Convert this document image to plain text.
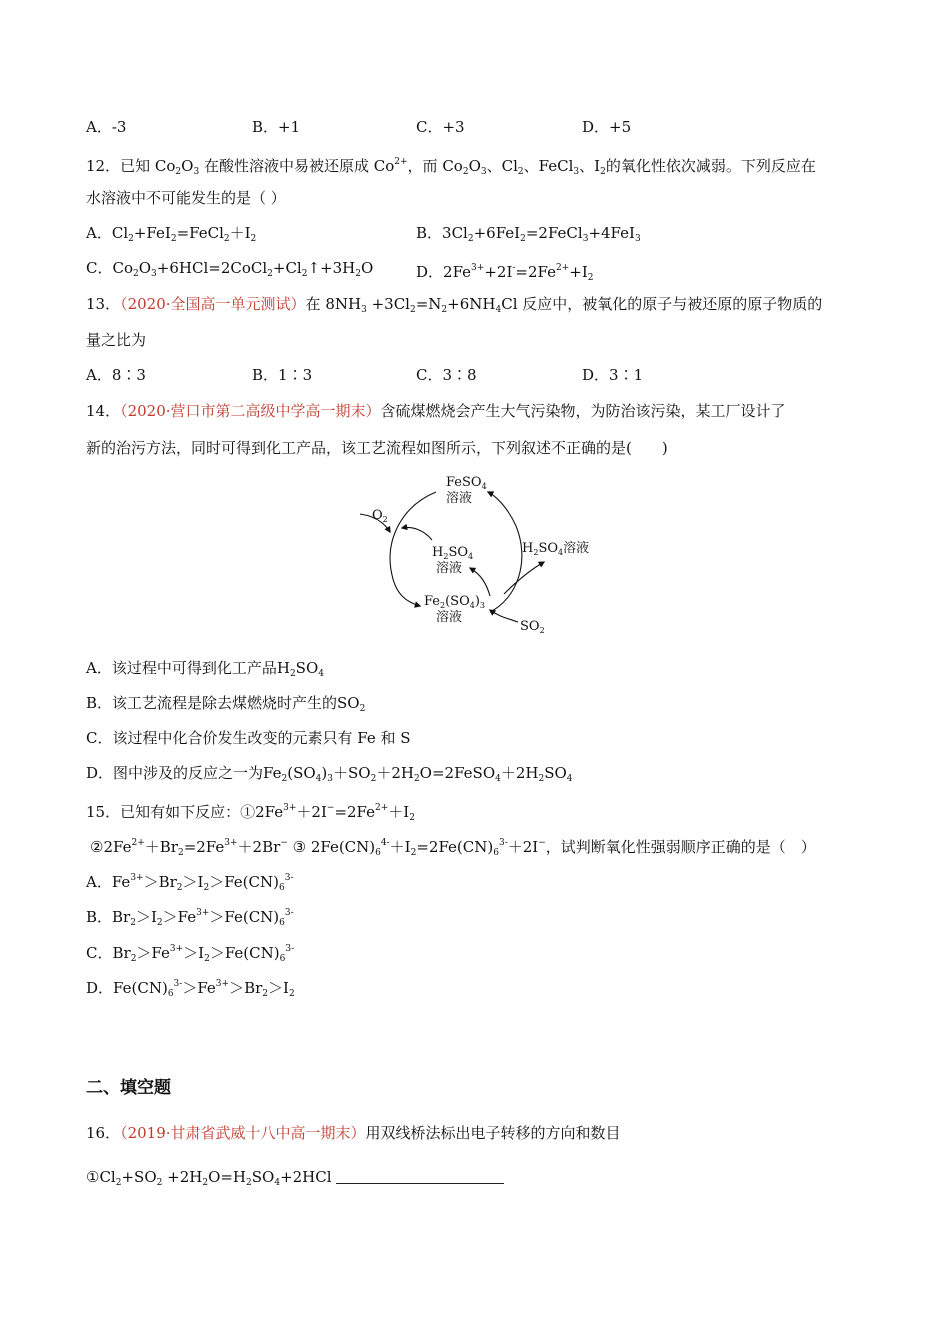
A．-3	B．+1	C．+3	D．+5
12．已知 $Co_2O_3$ 在酸性溶液中易被还原成 $Co^{2+}$，而 $Co_2O_3$、$Cl_2$、FeCl$_3$、$I_2$的氧化性依次减弱。下列反应在
水溶液中不可能发生的是（ ）
A．$Cl_2+FeI_2=FeCl_2+I_2$	B．$3Cl_2+6FeI_2=2FeCl_3+4FeI_3$
C．$Co_2O_3+6HCl=2CoCl_2+Cl_2↑+3H_2O$	D．$2Fe^{3+}+2I^-=2Fe^{2+}+I_2$
13．（2020·全国高一单元测试）在 $8NH_3 +3Cl_2=N_2+6NH_4Cl$ 反应中，被氧化的原子与被还原的原子物质的
量之比为
A．8∶3	B．1∶3	C．3∶8	D．3∶1
14．（2020·营口市第二高级中学高一期末）含硫煤燃烧会产生大气污染物，为防治该污染，某工厂设计了
新的治污方法，同时可得到化工产品，该工艺流程如图所示，下列叙述不正确的是(　　)
FeSO$_4$
溶液
$O_2$
$H_2SO_4$
溶液
$H_2SO_4$溶液
$Fe_2(SO_4)_3$
溶液
$SO_2$
A．该过程中可得到化工产品$H_2SO_4$
B．该工艺流程是除去煤燃烧时产生的$SO_2$
C．该过程中化合价发生改变的元素只有 Fe 和 S
D．图中涉及的反应之一为$Fe_2(SO_4)_3+SO_2+2H_2O=2FeSO_4+2H_2SO_4$
15．已知有如下反应：$①2Fe^{3+}+2I^-=2Fe^{2+}+I_2$
$②2Fe^{2+}+Br_2=2Fe^{3+}+2Br^-$ ③ $2Fe(CN)_6^{4-}+I_2=2Fe(CN)_6^{3-}+2I^-$，试判断氧化性强弱顺序正确的是（　）
A．$Fe^{3+}>Br_2>I_2>Fe(CN)_6^{3-}$
B．$Br_2>I_2>Fe^{3+}>Fe(CN)_6^{3-}$
C．$Br_2>Fe^{3+}>I_2>Fe(CN)_6^{3-}$
D．$Fe(CN)_6^{3-}>Fe^{3+}>Br_2>I_2$
二、填空题
16．（2019·甘肃省武威十八中高一期末）用双线桥法标出电子转移的方向和数目
$①Cl_2+SO_2 +2H_2O=H_2SO_4+2HCl$
